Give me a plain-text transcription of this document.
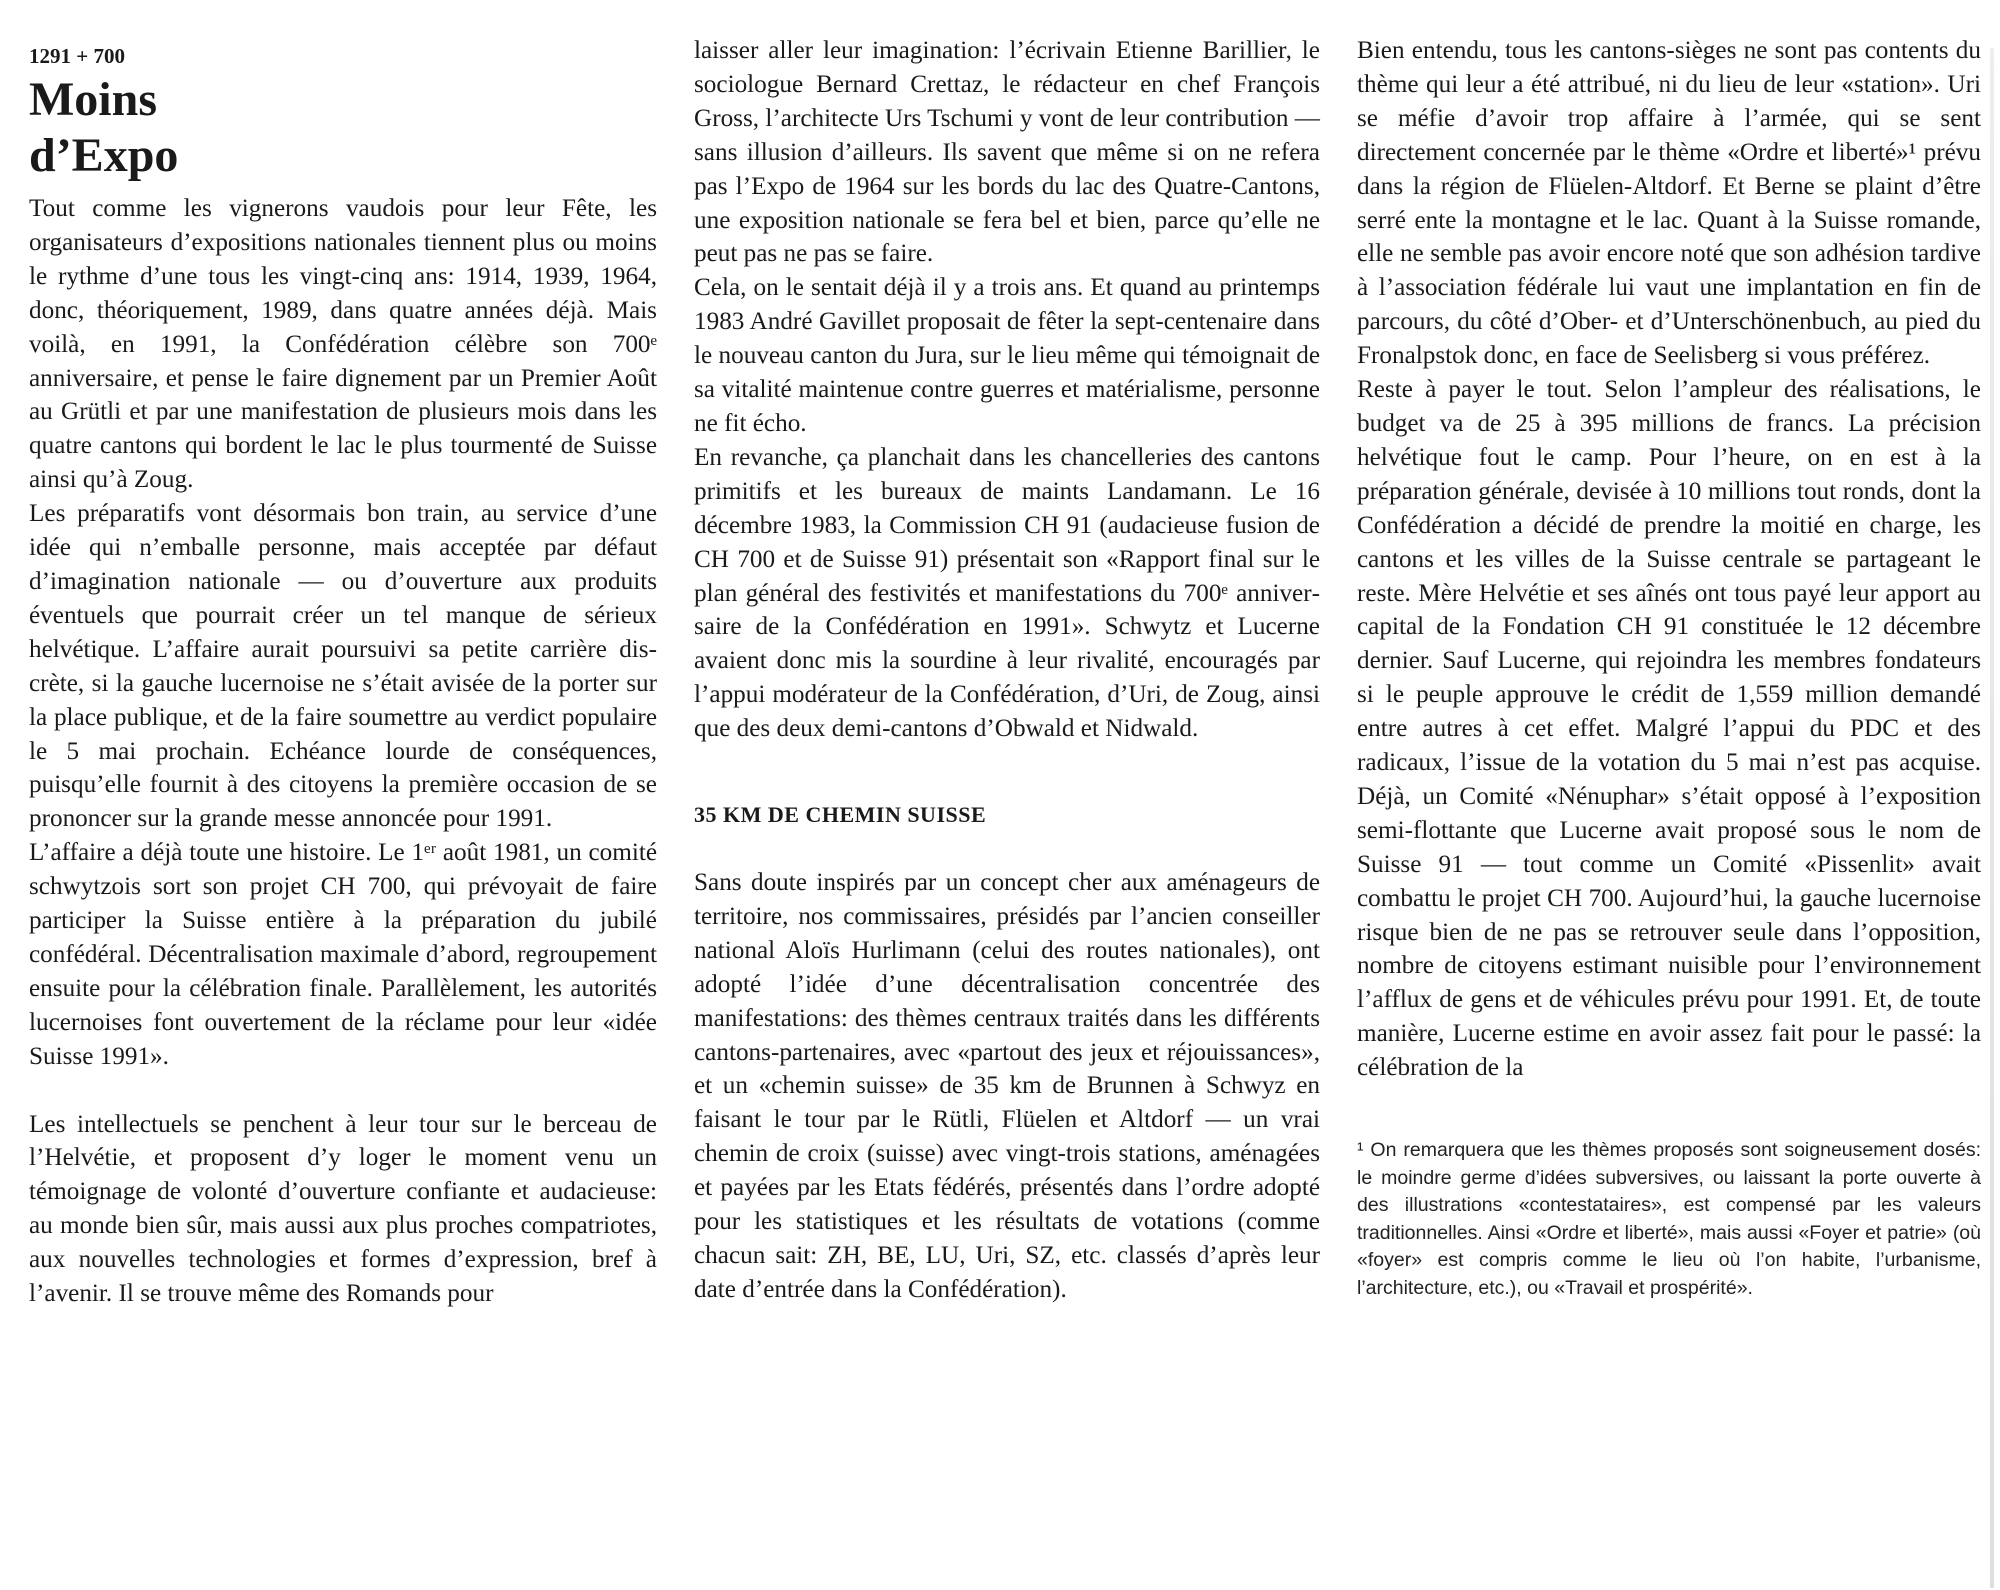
1291 + 700
Moins
d’Expo

Tout comme les vignerons vaudois pour leur Fête, les organisateurs d’expositions nationales tiennent plus ou moins le rythme d’une tous les vingt-cinq ans: 1914, 1939, 1964, donc, théoriquement, 1989, dans quatre années déjà. Mais voilà, en 1991, la Confédération célèbre son 700ᵉ anniversaire, et pense le faire dignement par un Premier Août au Grütli et par une manifestation de plusieurs mois dans les quatre cantons qui bordent le lac le plus tourmenté de Suisse ainsi qu’à Zoug.

Les préparatifs vont désormais bon train, au service d’une idée qui n’emballe personne, mais acceptée par défaut d’imagination nationale — ou d’ouverture aux produits éventuels que pourrait créer un tel manque de sérieux helvétique. L’affaire aurait poursuivi sa petite carrière discrète, si la gauche lucernoise ne s’était avisée de la porter sur la place publique, et de la faire soumettre au verdict populaire le 5 mai prochain. Echéance lourde de conséquences, puisqu’elle fournit à des citoyens la première occasion de se prononcer sur la grande messe annoncée pour 1991.

L’affaire a déjà toute une histoire. Le 1ᵉʳ août 1981, un comité schwytzois sort son projet CH 700, qui prévoyait de faire participer la Suisse entière à la préparation du jubilé confédéral. Décentralisation maximale d’abord, regroupement ensuite pour la célébration finale. Parallèlement, les autorités lucernoises font ouvertement de la réclame pour leur «idée Suisse 1991».

Les intellectuels se penchent à leur tour sur le berceau de l’Helvétie, et proposent d’y loger le moment venu un témoignage de volonté d’ouverture confiante et audacieuse: au monde bien sûr, mais aussi aux plus proches compatriotes, aux nouvelles technologies et formes d’expression, bref à l’avenir. Il se trouve même des Romands pour

laisser aller leur imagination: l’écrivain Etienne Barillier, le sociologue Bernard Crettaz, le rédacteur en chef François Gross, l’architecte Urs Tschumi y vont de leur contribution — sans illusion d’ailleurs. Ils savent que même si on ne refera pas l’Expo de 1964 sur les bords du lac des Quatre-Cantons, une exposition nationale se fera bel et bien, parce qu’elle ne peut pas ne pas se faire.

Cela, on le sentait déjà il y a trois ans. Et quand au printemps 1983 André Gavillet proposait de fêter la sept-centenaire dans le nouveau canton du Jura, sur le lieu même qui témoignait de sa vitalité maintenue contre guerres et matérialisme, personne ne fit écho.

En revanche, ça planchait dans les chancelleries des cantons primitifs et les bureaux de maints Landamann. Le 16 décembre 1983, la Commission CH 91 (audacieuse fusion de CH 700 et de Suisse 91) présentait son «Rapport final sur le plan général des festivités et manifestations du 700ᵉ anniversaire de la Confédération en 1991». Schwytz et Lucerne avaient donc mis la sourdine à leur rivalité, encouragés par l’appui modérateur de la Confédération, d’Uri, de Zoug, ainsi que des deux demi-cantons d’Obwald et Nidwald.

35 KM DE CHEMIN SUISSE

Sans doute inspirés par un concept cher aux aménageurs de territoire, nos commissaires, présidés par l’ancien conseiller national Aloïs Hurlimann (celui des routes nationales), ont adopté l’idée d’une décentralisation concentrée des manifestations: des thèmes centraux traités dans les différents cantons-partenaires, avec «partout des jeux et réjouissances», et un «chemin suisse» de 35 km de Brunnen à Schwyz en faisant le tour par le Rütli, Flüelen et Altdorf — un vrai chemin de croix (suisse) avec vingt-trois stations, aménagées et payées par les Etats fédérés, présentés dans l’ordre adopté pour les statistiques et les résultats de votations (comme chacun sait: ZH, BE, LU, Uri, SZ, etc. classés d’après leur date d’entrée dans la Confédération).

Bien entendu, tous les cantons-sièges ne sont pas contents du thème qui leur a été attribué, ni du lieu de leur «station». Uri se méfie d’avoir trop affaire à l’armée, qui se sent directement concernée par le thème «Ordre et liberté»¹ prévu dans la région de Flüelen-Altdorf. Et Berne se plaint d’être serré ente la montagne et le lac. Quant à la Suisse romande, elle ne semble pas avoir encore noté que son adhésion tardive à l’association fédérale lui vaut une implantation en fin de parcours, du côté d’Ober- et d’Unterschönenbuch, au pied du Fronalpstok donc, en face de Seelisberg si vous préférez.

Reste à payer le tout. Selon l’ampleur des réalisations, le budget va de 25 à 395 millions de francs. La précision helvétique fout le camp. Pour l’heure, on en est à la préparation générale, devisée à 10 millions tout ronds, dont la Confédération a décidé de prendre la moitié en charge, les cantons et les villes de la Suisse centrale se partageant le reste. Mère Helvétie et ses aînés ont tous payé leur apport au capital de la Fondation CH 91 constituée le 12 décembre dernier. Sauf Lucerne, qui rejoindra les membres fondateurs si le peuple approuve le crédit de 1,559 million demandé entre autres à cet effet. Malgré l’appui du PDC et des radicaux, l’issue de la votation du 5 mai n’est pas acquise. Déjà, un Comité «Nénuphar» s’était opposé à l’exposition semi-flottante que Lucerne avait proposé sous le nom de Suisse 91 — tout comme un Comité «Pissenlit» avait combattu le projet CH 700. Aujourd’hui, la gauche lucernoise risque bien de ne pas se retrouver seule dans l’opposition, nombre de citoyens estimant nuisible pour l’environnement l’afflux de gens et de véhicules prévu pour 1991. Et, de toute manière, Lucerne estime en avoir assez fait pour le passé: la célébration de la

¹ On remarquera que les thèmes proposés sont soigneusement dosés: le moindre germe d’idées subversives, ou laissant la porte ouverte à des illustrations «contestataires», est compensé par les valeurs traditionnelles. Ainsi «Ordre et liberté», mais aussi «Foyer et patrie» (où «foyer» est compris comme le lieu où l’on habite, l’urbanisme, l’architecture, etc.), ou «Travail et prospérité».
